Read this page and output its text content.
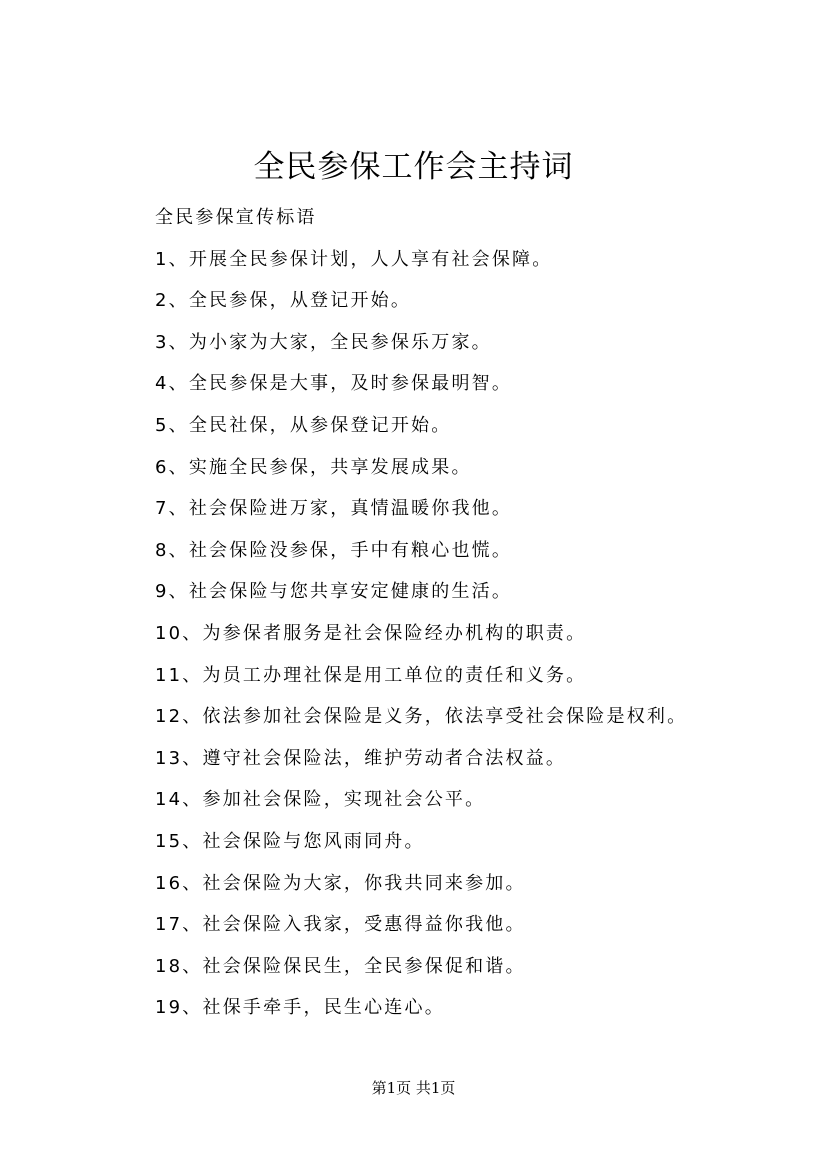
全民参保工作会主持词
全民参保宣传标语
1、开展全民参保计划，人人享有社会保障。
2、全民参保，从登记开始。
3、为小家为大家，全民参保乐万家。
4、全民参保是大事，及时参保最明智。
5、全民社保，从参保登记开始。
6、实施全民参保，共享发展成果。
7、社会保险进万家，真情温暖你我他。
8、社会保险没参保，手中有粮心也慌。
9、社会保险与您共享安定健康的生活。
10、为参保者服务是社会保险经办机构的职责。
11、为员工办理社保是用工单位的责任和义务。
12、依法参加社会保险是义务，依法享受社会保险是权利。
13、遵守社会保险法，维护劳动者合法权益。
14、参加社会保险，实现社会公平。
15、社会保险与您风雨同舟。
16、社会保险为大家，你我共同来参加。
17、社会保险入我家，受惠得益你我他。
18、社会保险保民生，全民参保促和谐。
19、社保手牵手，民生心连心。
第1页 共1页
